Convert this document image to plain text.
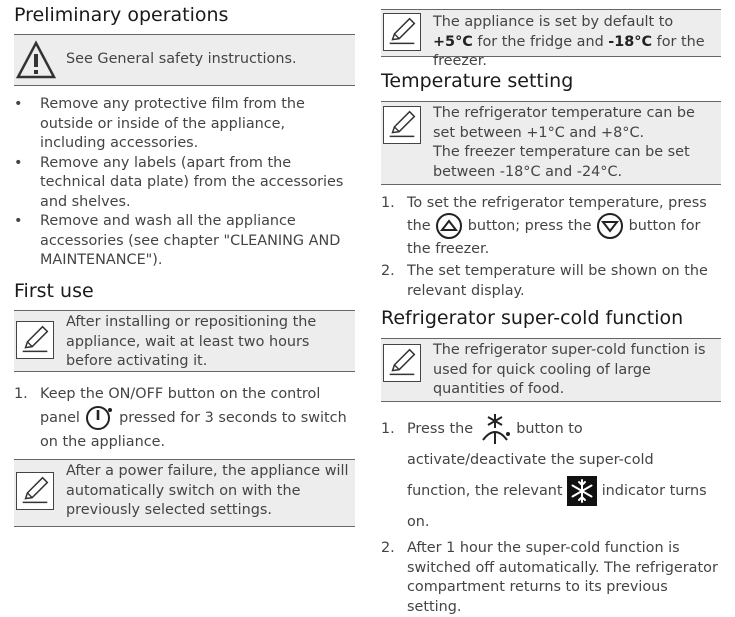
Preliminary operations
See General safety instructions.
•	Remove any protective film from the outside or inside of the appliance, including accessories.
•	Remove any labels (apart from the technical data plate) from the accessories and shelves.
•	Remove and wash all the appliance accessories (see chapter "CLEANING AND MAINTENANCE").
First use
After installing or repositioning the appliance, wait at least two hours before activating it.
1. Keep the ON/OFF button on the control panel	pressed for 3 seconds to switch on the appliance.
After a power failure, the appliance will automatically switch on with the previously selected settings.
The appliance is set by default to +5°C for the fridge and -18°C for the freezer.
Temperature setting
The refrigerator temperature can be set between +1°C and +8°C.
The freezer temperature can be set between -18°C and -24°C.
1. To set the refrigerator temperature, press the	button; press the	button for the freezer.
2. The set temperature will be shown on the relevant display.
Refrigerator super-cold function
The refrigerator super-cold function is used for quick cooling of large quantities of food.
1. Press the	button to activate/deactivate the super-cold function, the relevant	indicator turns on.
2. After 1 hour the super-cold function is switched off automatically. The refrigerator compartment returns to its previous setting.
